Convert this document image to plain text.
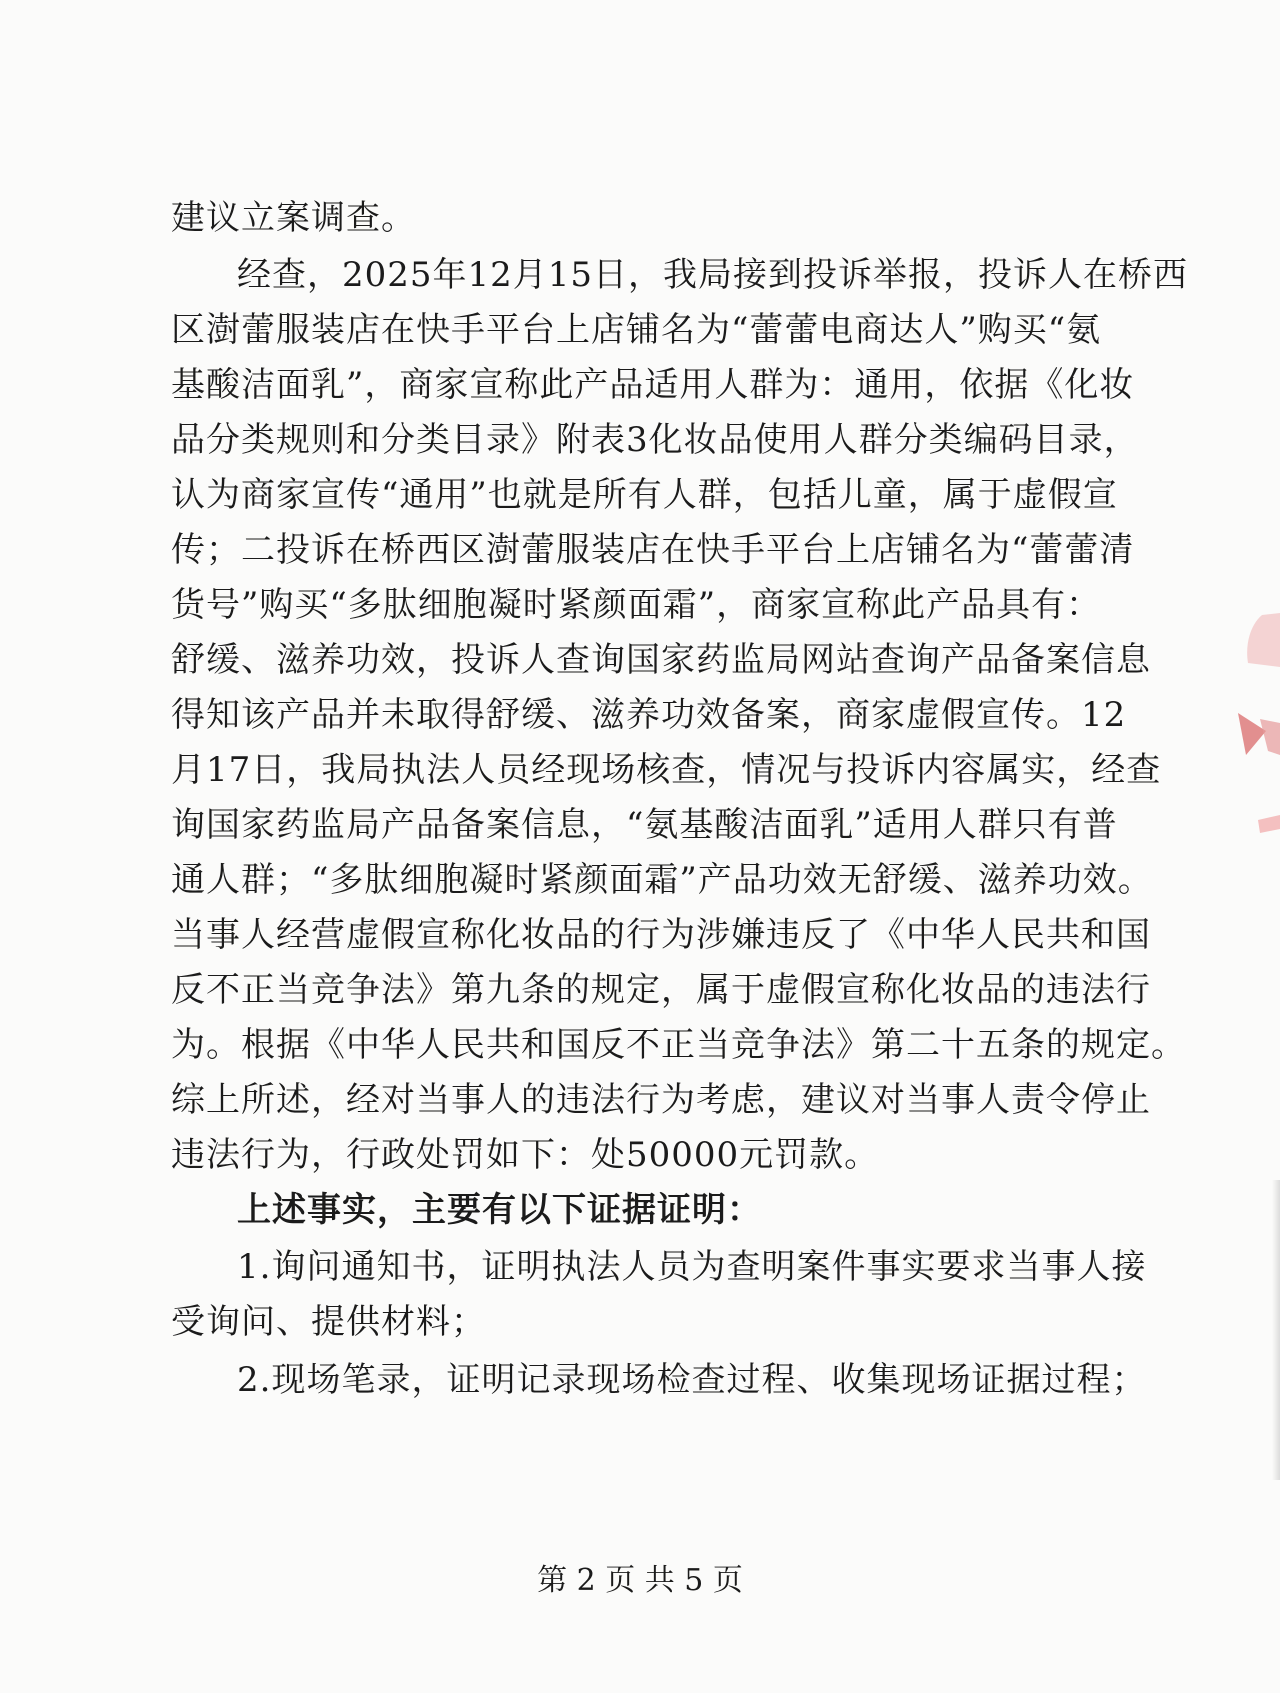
建议立案调查。
经查，2025年12月15日，我局接到投诉举报，投诉人在桥西
区澍蕾服装店在快手平台上店铺名为“蕾蕾电商达人”购买“氨
基酸洁面乳”，商家宣称此产品适用人群为：通用，依据《化妆
品分类规则和分类目录》附表3化妆品使用人群分类编码目录，
认为商家宣传“通用”也就是所有人群，包括儿童，属于虚假宣
传；二投诉在桥西区澍蕾服装店在快手平台上店铺名为“蕾蕾清
货号”购买“多肽细胞凝时紧颜面霜”，商家宣称此产品具有：
舒缓、滋养功效，投诉人查询国家药监局网站查询产品备案信息
得知该产品并未取得舒缓、滋养功效备案，商家虚假宣传。12
月17日，我局执法人员经现场核查，情况与投诉内容属实，经查
询国家药监局产品备案信息，“氨基酸洁面乳”适用人群只有普
通人群；“多肽细胞凝时紧颜面霜”产品功效无舒缓、滋养功效。
当事人经营虚假宣称化妆品的行为涉嫌违反了《中华人民共和国
反不正当竞争法》第九条的规定，属于虚假宣称化妆品的违法行
为。根据《中华人民共和国反不正当竞争法》第二十五条的规定。
综上所述，经对当事人的违法行为考虑，建议对当事人责令停止
违法行为，行政处罚如下：处50000元罚款。
上述事实，主要有以下证据证明：
1.询问通知书，证明执法人员为查明案件事实要求当事人接
受询问、提供材料；
2.现场笔录，证明记录现场检查过程、收集现场证据过程；
第 2 页 共 5 页
